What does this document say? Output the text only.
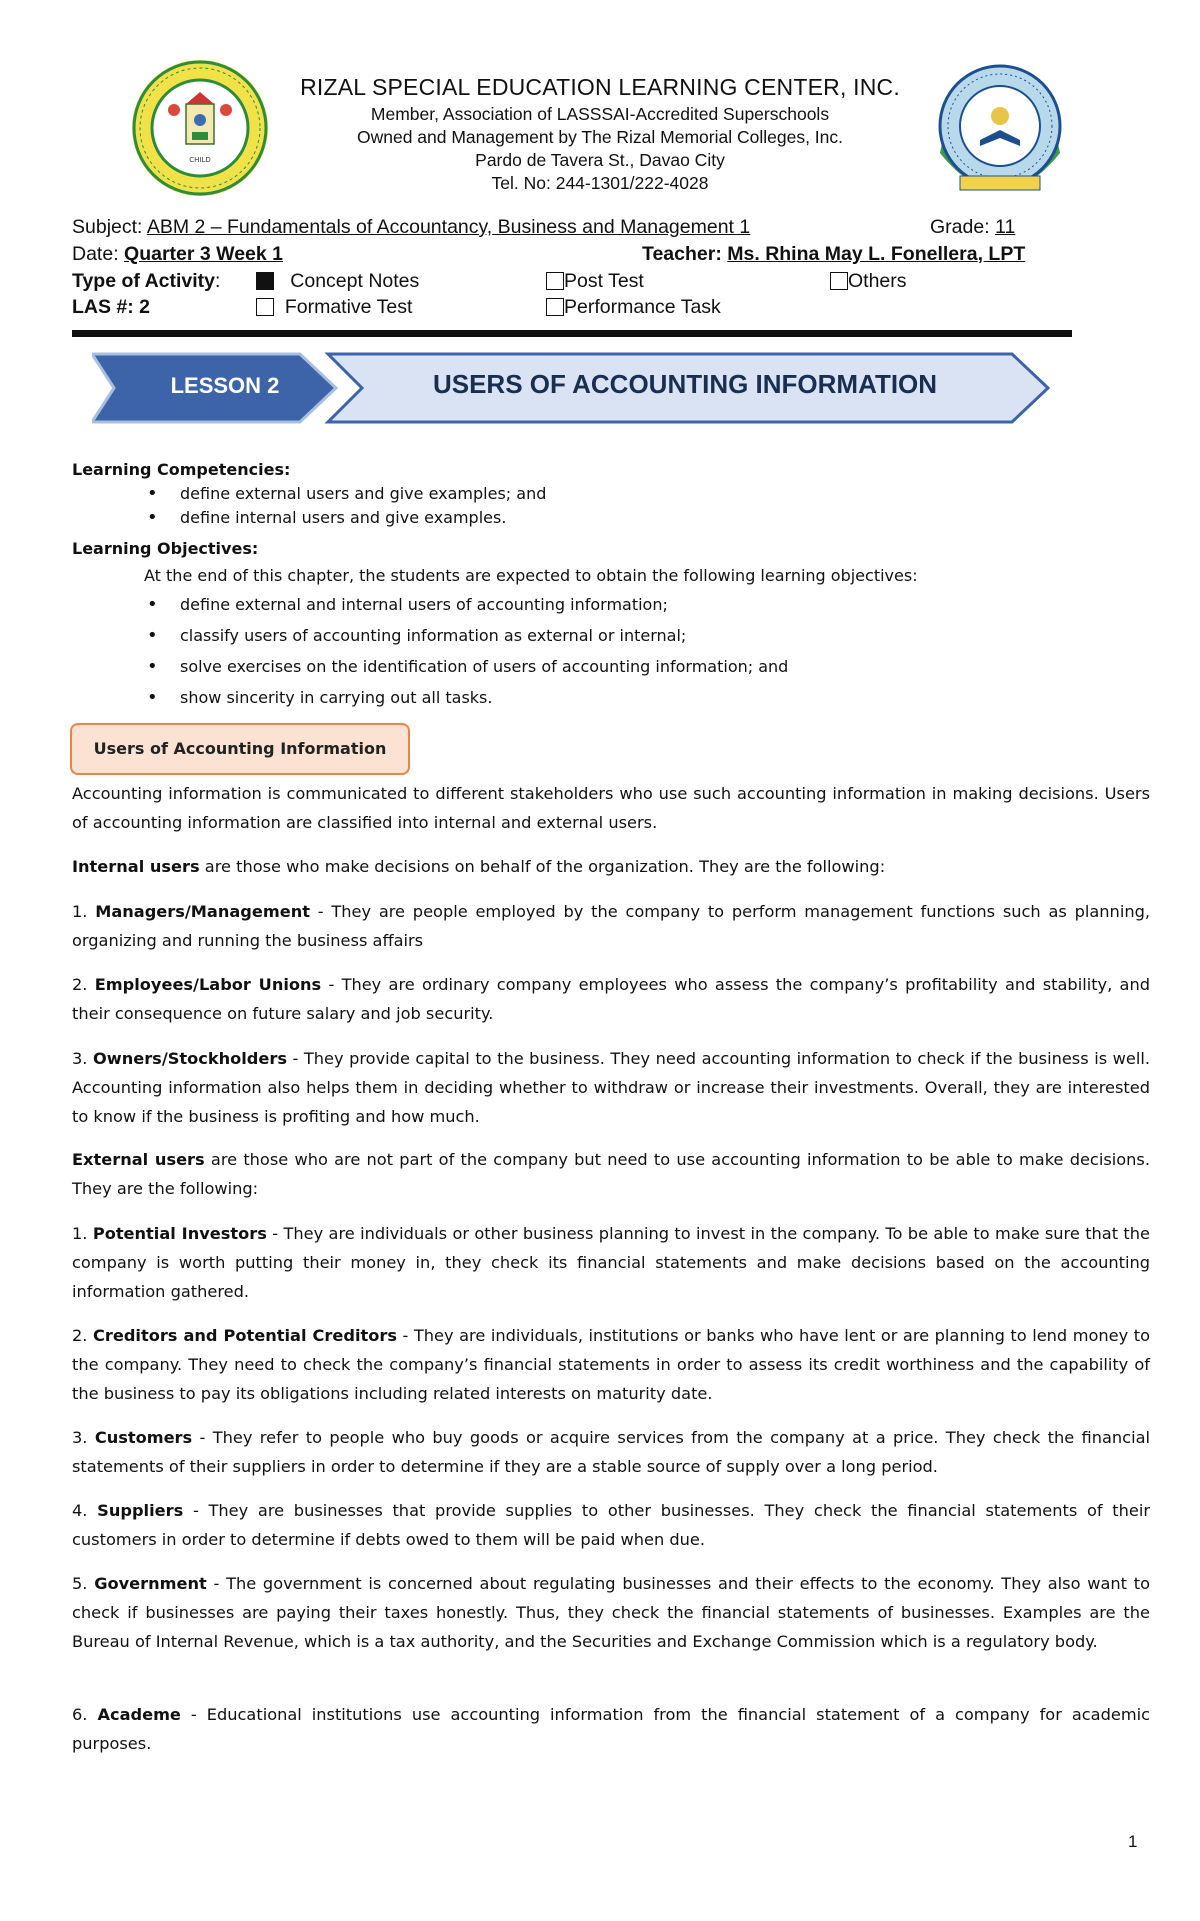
CHILD
RIZAL SPECIAL EDUCATION LEARNING CENTER, INC.
Member, Association of LASSSAI-Accredited Superschools
Owned and Management by The Rizal Memorial Colleges, Inc.
Pardo de Tavera St., Davao City
Tel. No: 244-1301/222-4028
Subject: ABM 2 – Fundamentals of Accountancy, Business and Management 1	Grade: 11
Date: Quarter 3 Week 1	Teacher: Ms. Rhina May L. Fonellera, LPT
Type of Activity:	Concept Notes	Post Test	Others
LAS #: 2	Formative Test	Performance Task
LESSON 2	USERS OF ACCOUNTING INFORMATION
Learning Competencies:
• define external users and give examples; and
• define internal users and give examples.
Learning Objectives:
At the end of this chapter, the students are expected to obtain the following learning objectives:
• define external and internal users of accounting information;
• classify users of accounting information as external or internal;
• solve exercises on the identification of users of accounting information; and
• show sincerity in carrying out all tasks.
Users of Accounting Information
Accounting information is communicated to different stakeholders who use such accounting information in making decisions. Users of accounting information are classified into internal and external users.
Internal users are those who make decisions on behalf of the organization. They are the following:
1. Managers/Management - They are people employed by the company to perform management functions such as planning, organizing and running the business affairs
2. Employees/Labor Unions - They are ordinary company employees who assess the company’s profitability and stability, and their consequence on future salary and job security.
3. Owners/Stockholders - They provide capital to the business. They need accounting information to check if the business is well. Accounting information also helps them in deciding whether to withdraw or increase their investments. Overall, they are interested to know if the business is profiting and how much.
External users are those who are not part of the company but need to use accounting information to be able to make decisions. They are the following:
1. Potential Investors - They are individuals or other business planning to invest in the company. To be able to make sure that the company is worth putting their money in, they check its financial statements and make decisions based on the accounting information gathered.
2. Creditors and Potential Creditors - They are individuals, institutions or banks who have lent or are planning to lend money to the company. They need to check the company’s financial statements in order to assess its credit worthiness and the capability of the business to pay its obligations including related interests on maturity date.
3. Customers - They refer to people who buy goods or acquire services from the company at a price. They check the financial statements of their suppliers in order to determine if they are a stable source of supply over a long period.
4. Suppliers - They are businesses that provide supplies to other businesses. They check the financial statements of their customers in order to determine if debts owed to them will be paid when due.
5. Government - The government is concerned about regulating businesses and their effects to the economy. They also want to check if businesses are paying their taxes honestly. Thus, they check the financial statements of businesses. Examples are the Bureau of Internal Revenue, which is a tax authority, and the Securities and Exchange Commission which is a regulatory body.
6. Academe - Educational institutions use accounting information from the financial statement of a company for academic purposes.
1
